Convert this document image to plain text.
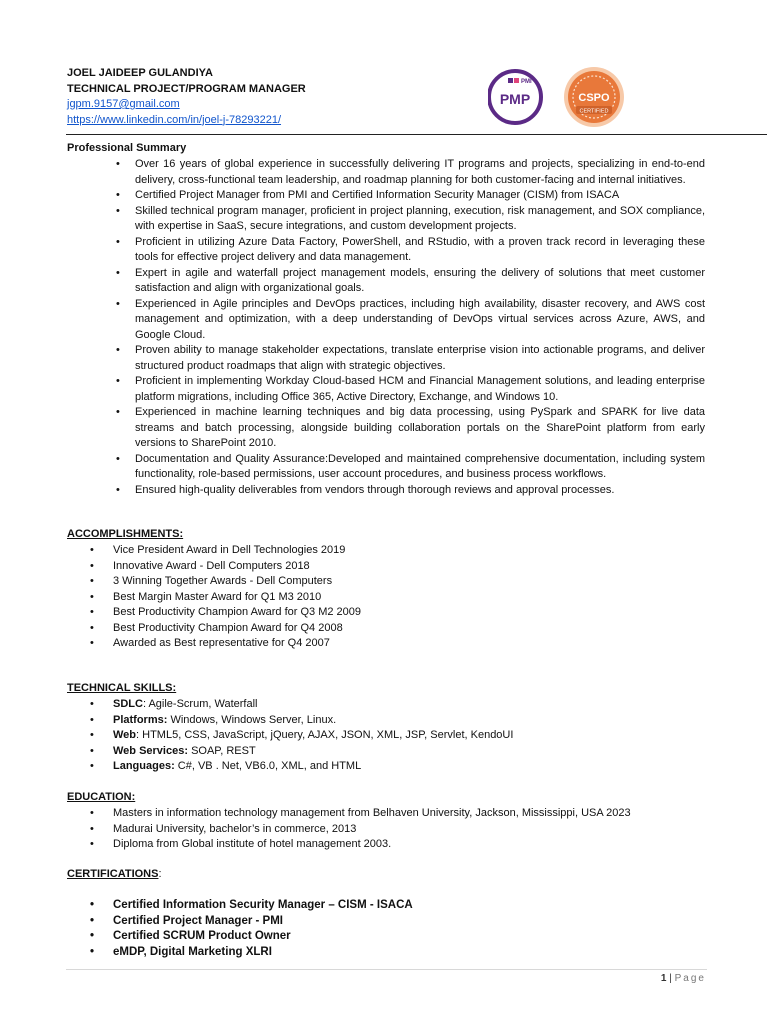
JOEL JAIDEEP GULANDIYA
TECHNICAL PROJECT/PROGRAM MANAGER
jgpm.9157@gmail.com
https://www.linkedin.com/in/joel-j-78293221/
PMI
PMP	CSPO
CERTIFIED
Professional Summary
• Over 16 years of global experience in successfully delivering IT programs and projects, specializing in end-to-end delivery, cross-functional team leadership, and roadmap planning for both customer-facing and internal initiatives.
• Certified Project Manager from PMI and Certified Information Security Manager (CISM) from ISACA
• Skilled technical program manager, proficient in project planning, execution, risk management, and SOX compliance, with expertise in SaaS, secure integrations, and custom development projects.
• Proficient in utilizing Azure Data Factory, PowerShell, and RStudio, with a proven track record in leveraging these tools for effective project delivery and data management.
• Expert in agile and waterfall project management models, ensuring the delivery of solutions that meet customer satisfaction and align with organizational goals.
• Experienced in Agile principles and DevOps practices, including high availability, disaster recovery, and AWS cost management and optimization, with a deep understanding of DevOps virtual services across Azure, AWS, and Google Cloud.
• Proven ability to manage stakeholder expectations, translate enterprise vision into actionable programs, and deliver structured product roadmaps that align with strategic objectives.
• Proficient in implementing Workday Cloud-based HCM and Financial Management solutions, and leading enterprise platform migrations, including Office 365, Active Directory, Exchange, and Windows 10.
• Experienced in machine learning techniques and big data processing, using PySpark and SPARK for live data streams and batch processing, alongside building collaboration portals on the SharePoint platform from early versions to SharePoint 2010.
• Documentation and Quality Assurance:Developed and maintained comprehensive documentation, including system functionality, role-based permissions, user account procedures, and business process workflows.
• Ensured high-quality deliverables from vendors through thorough reviews and approval processes.
ACCOMPLISHMENTS:
• Vice President Award in Dell Technologies 2019
• Innovative Award - Dell Computers 2018
• 3 Winning Together Awards - Dell Computers
• Best Margin Master Award for Q1 M3 2010
• Best Productivity Champion Award for Q3 M2 2009
• Best Productivity Champion Award for Q4 2008
• Awarded as Best representative for Q4 2007
TECHNICAL SKILLS:
• SDLC: Agile-Scrum, Waterfall
• Platforms: Windows, Windows Server, Linux.
• Web: HTML5, CSS, JavaScript, jQuery, AJAX, JSON, XML, JSP, Servlet, KendoUI
• Web Services: SOAP, REST
• Languages: C#, VB . Net, VB6.0, XML, and HTML
EDUCATION:
• Masters in information technology management from Belhaven University, Jackson, Mississippi, USA 2023
• Madurai University, bachelor’s in commerce, 2013
• Diploma from Global institute of hotel management 2003.
CERTIFICATIONS:
• Certified Information Security Manager – CISM - ISACA
• Certified Project Manager - PMI
• Certified SCRUM Product Owner
• eMDP, Digital Marketing XLRI
1 | Page
